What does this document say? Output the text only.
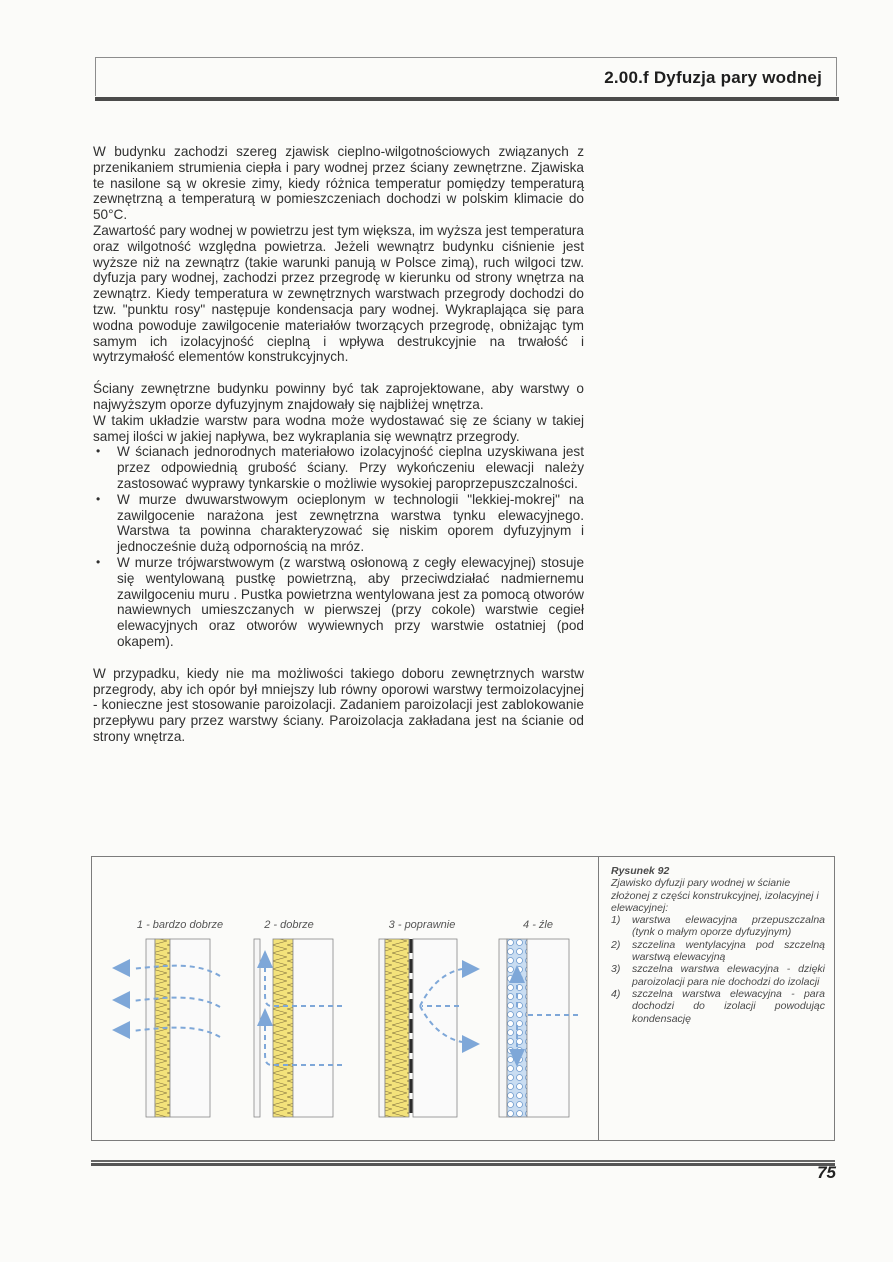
2.00.f Dyfuzja pary wodnej

W budynku zachodzi szereg zjawisk cieplno-wilgotnościowych związanych z przenikaniem strumienia ciepła i pary wodnej przez ściany zewnętrzne. Zjawiska te nasilone są w okresie zimy, kiedy różnica temperatur pomiędzy temperaturą zewnętrzną a temperaturą w pomieszczeniach dochodzi w polskim klimacie do 50°C.

Zawartość pary wodnej w powietrzu jest tym większa, im wyższa jest temperatura oraz wilgotność względna powietrza. Jeżeli wewnątrz budynku ciśnienie jest wyższe niż na zewnątrz (takie warunki panują w Polsce zimą), ruch wilgoci tzw. dyfuzja pary wodnej, zachodzi przez przegrodę w kierunku od strony wnętrza na zewnątrz. Kiedy temperatura w zewnętrznych warstwach przegrody dochodzi do tzw. "punktu rosy" następuje kondensacja pary wodnej. Wykraplająca się para wodna powoduje zawilgocenie materiałów tworzących przegrodę, obniżając tym samym ich izolacyjność cieplną i wpływa destrukcyjnie na trwałość i wytrzymałość elementów konstrukcyjnych.

Ściany zewnętrzne budynku powinny być tak zaprojektowane, aby warstwy o najwyższym oporze dyfuzyjnym znajdowały się najbliżej wnętrza.

W takim układzie warstw para wodna może wydostawać się ze ściany w takiej samej ilości w jakiej napływa, bez wykraplania się wewnątrz przegrody.

• W ścianach jednorodnych materiałowo izolacyjność cieplna uzyskiwana jest przez odpowiednią grubość ściany. Przy wykończeniu elewacji należy zastosować wyprawy tynkarskie o możliwie wysokiej paroprzepuszczalności.
• W murze dwuwarstwowym ocieplonym w technologii "lekkiej-mokrej" na zawilgocenie narażona jest zewnętrzna warstwa tynku elewacyjnego. Warstwa ta powinna charakteryzować się niskim oporem dyfuzyjnym i jednocześnie dużą odpornością na mróz.
• W murze trójwarstwowym (z warstwą osłonową z cegły elewacyjnej) stosuje się wentylowaną pustkę powietrzną, aby przeciwdziałać nadmiernemu zawilgoceniu muru . Pustka powietrzna wentylowana jest za pomocą otworów nawiewnych umieszczanych w pierwszej (przy cokole) warstwie cegieł elewacyjnych oraz otworów wywiewnych przy warstwie ostatniej (pod okapem).

W przypadku, kiedy nie ma możliwości takiego doboru zewnętrznych warstw przegrody, aby ich opór był mniejszy lub równy oporowi warstwy termoizolacyjnej - konieczne jest stosowanie paroizolacji. Zadaniem paroizolacji jest zablokowanie przepływu pary przez warstwy ściany. Paroizolacja zakładana jest na ścianie od strony wnętrza.

1 - bardzo dobrze	2 - dobrze	3 - poprawnie	4 - źle
Rysunek 92
Zjawisko dyfuzji pary wodnej w ścianie złożonej z części konstrukcyjnej, izolacyjnej i elewacyjnej:
1) warstwa elewacyjna przepuszczalna (tynk o małym oporze dyfuzyjnym)
2) szczelina wentylacyjna pod szczelną warstwą elewacyjną
3) szczelna warstwa elewacyjna - dzięki paroizolacji para nie dochodzi do izolacji
4) szczelna warstwa elewacyjna - para dochodzi do izolacji powodując kondensację
75
